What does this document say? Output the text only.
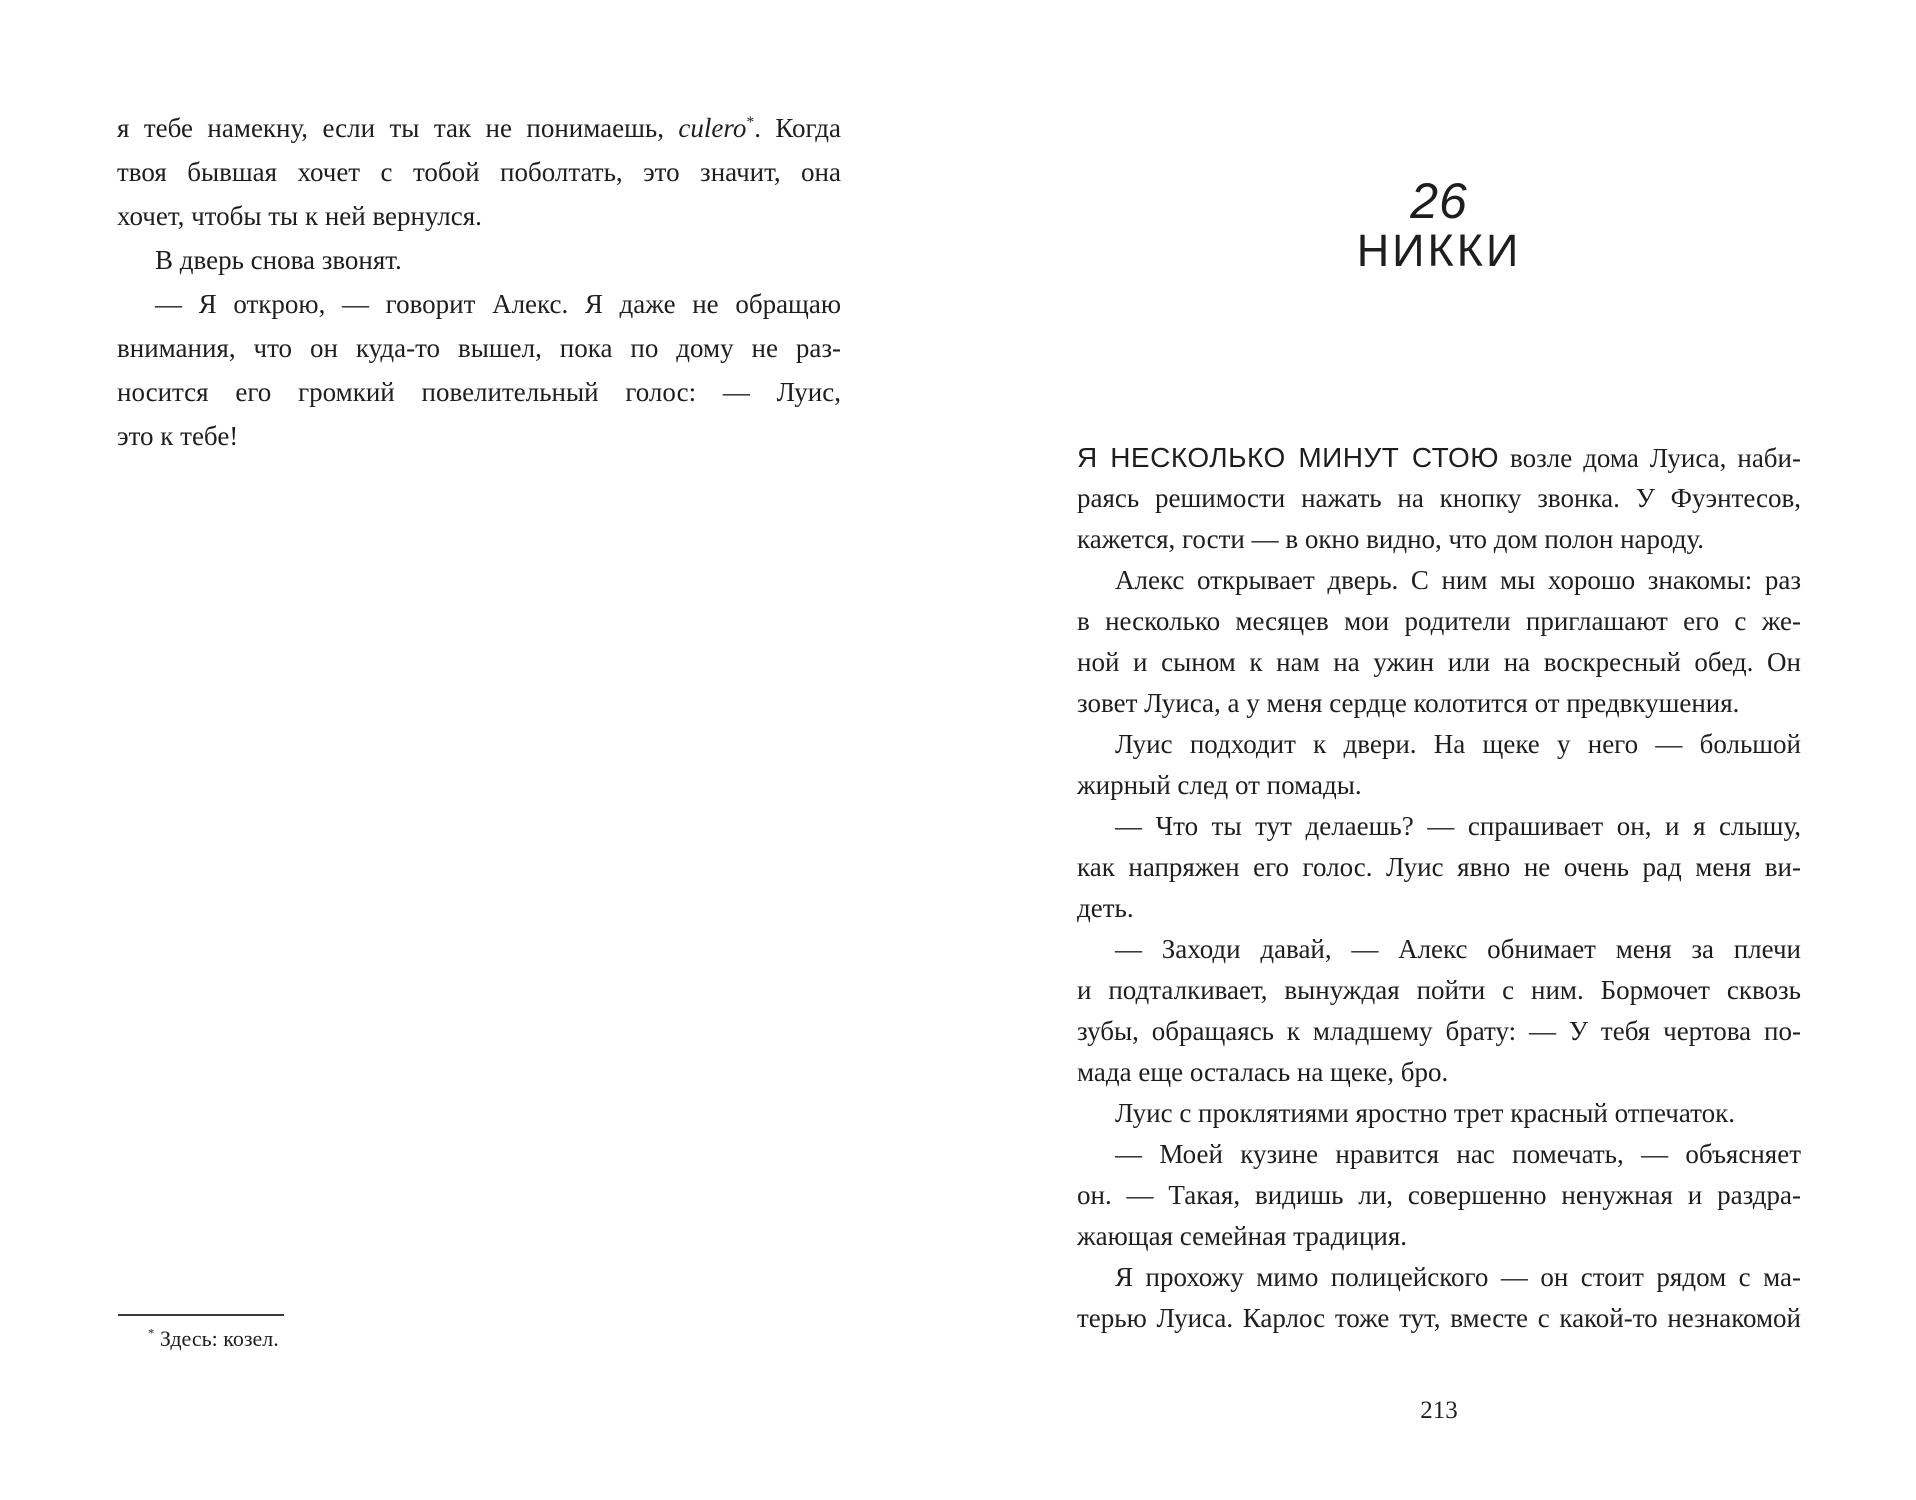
я тебе намекну, если ты так не понимаешь, culero*. Когда
твоя бывшая хочет с тобой поболтать, это значит, она
хочет, чтобы ты к ней вернулся.
В дверь снова звонят.
— Я открою, — говорит Алекс. Я даже не обращаю
внимания, что он куда-то вышел, пока по дому не раз-
носится его громкий повелительный голос: — Луис,
это к тебе!
* Здесь: козел.
26
НИККИ
Я НЕСКОЛЬКО МИНУТ СТОЮ возле дома Луиса, наби-
раясь решимости нажать на кнопку звонка. У Фуэнтесов,
кажется, гости — в окно видно, что дом полон народу.
Алекс открывает дверь. С ним мы хорошо знакомы: раз
в несколько месяцев мои родители приглашают его с же-
ной и сыном к нам на ужин или на воскресный обед. Он
зовет Луиса, а у меня сердце колотится от предвкушения.
Луис подходит к двери. На щеке у него — большой
жирный след от помады.
— Что ты тут делаешь? — спрашивает он, и я слышу,
как напряжен его голос. Луис явно не очень рад меня ви-
деть.
— Заходи давай, — Алекс обнимает меня за плечи
и подталкивает, вынуждая пойти с ним. Бормочет сквозь
зубы, обращаясь к младшему брату: — У тебя чертова по-
мада еще осталась на щеке, бро.
Луис с проклятиями яростно трет красный отпечаток.
— Моей кузине нравится нас помечать, — объясняет
он. — Такая, видишь ли, совершенно ненужная и раздра-
жающая семейная традиция.
Я прохожу мимо полицейского — он стоит рядом с ма-
терью Луиса. Карлос тоже тут, вместе с какой-то незнакомой
213
